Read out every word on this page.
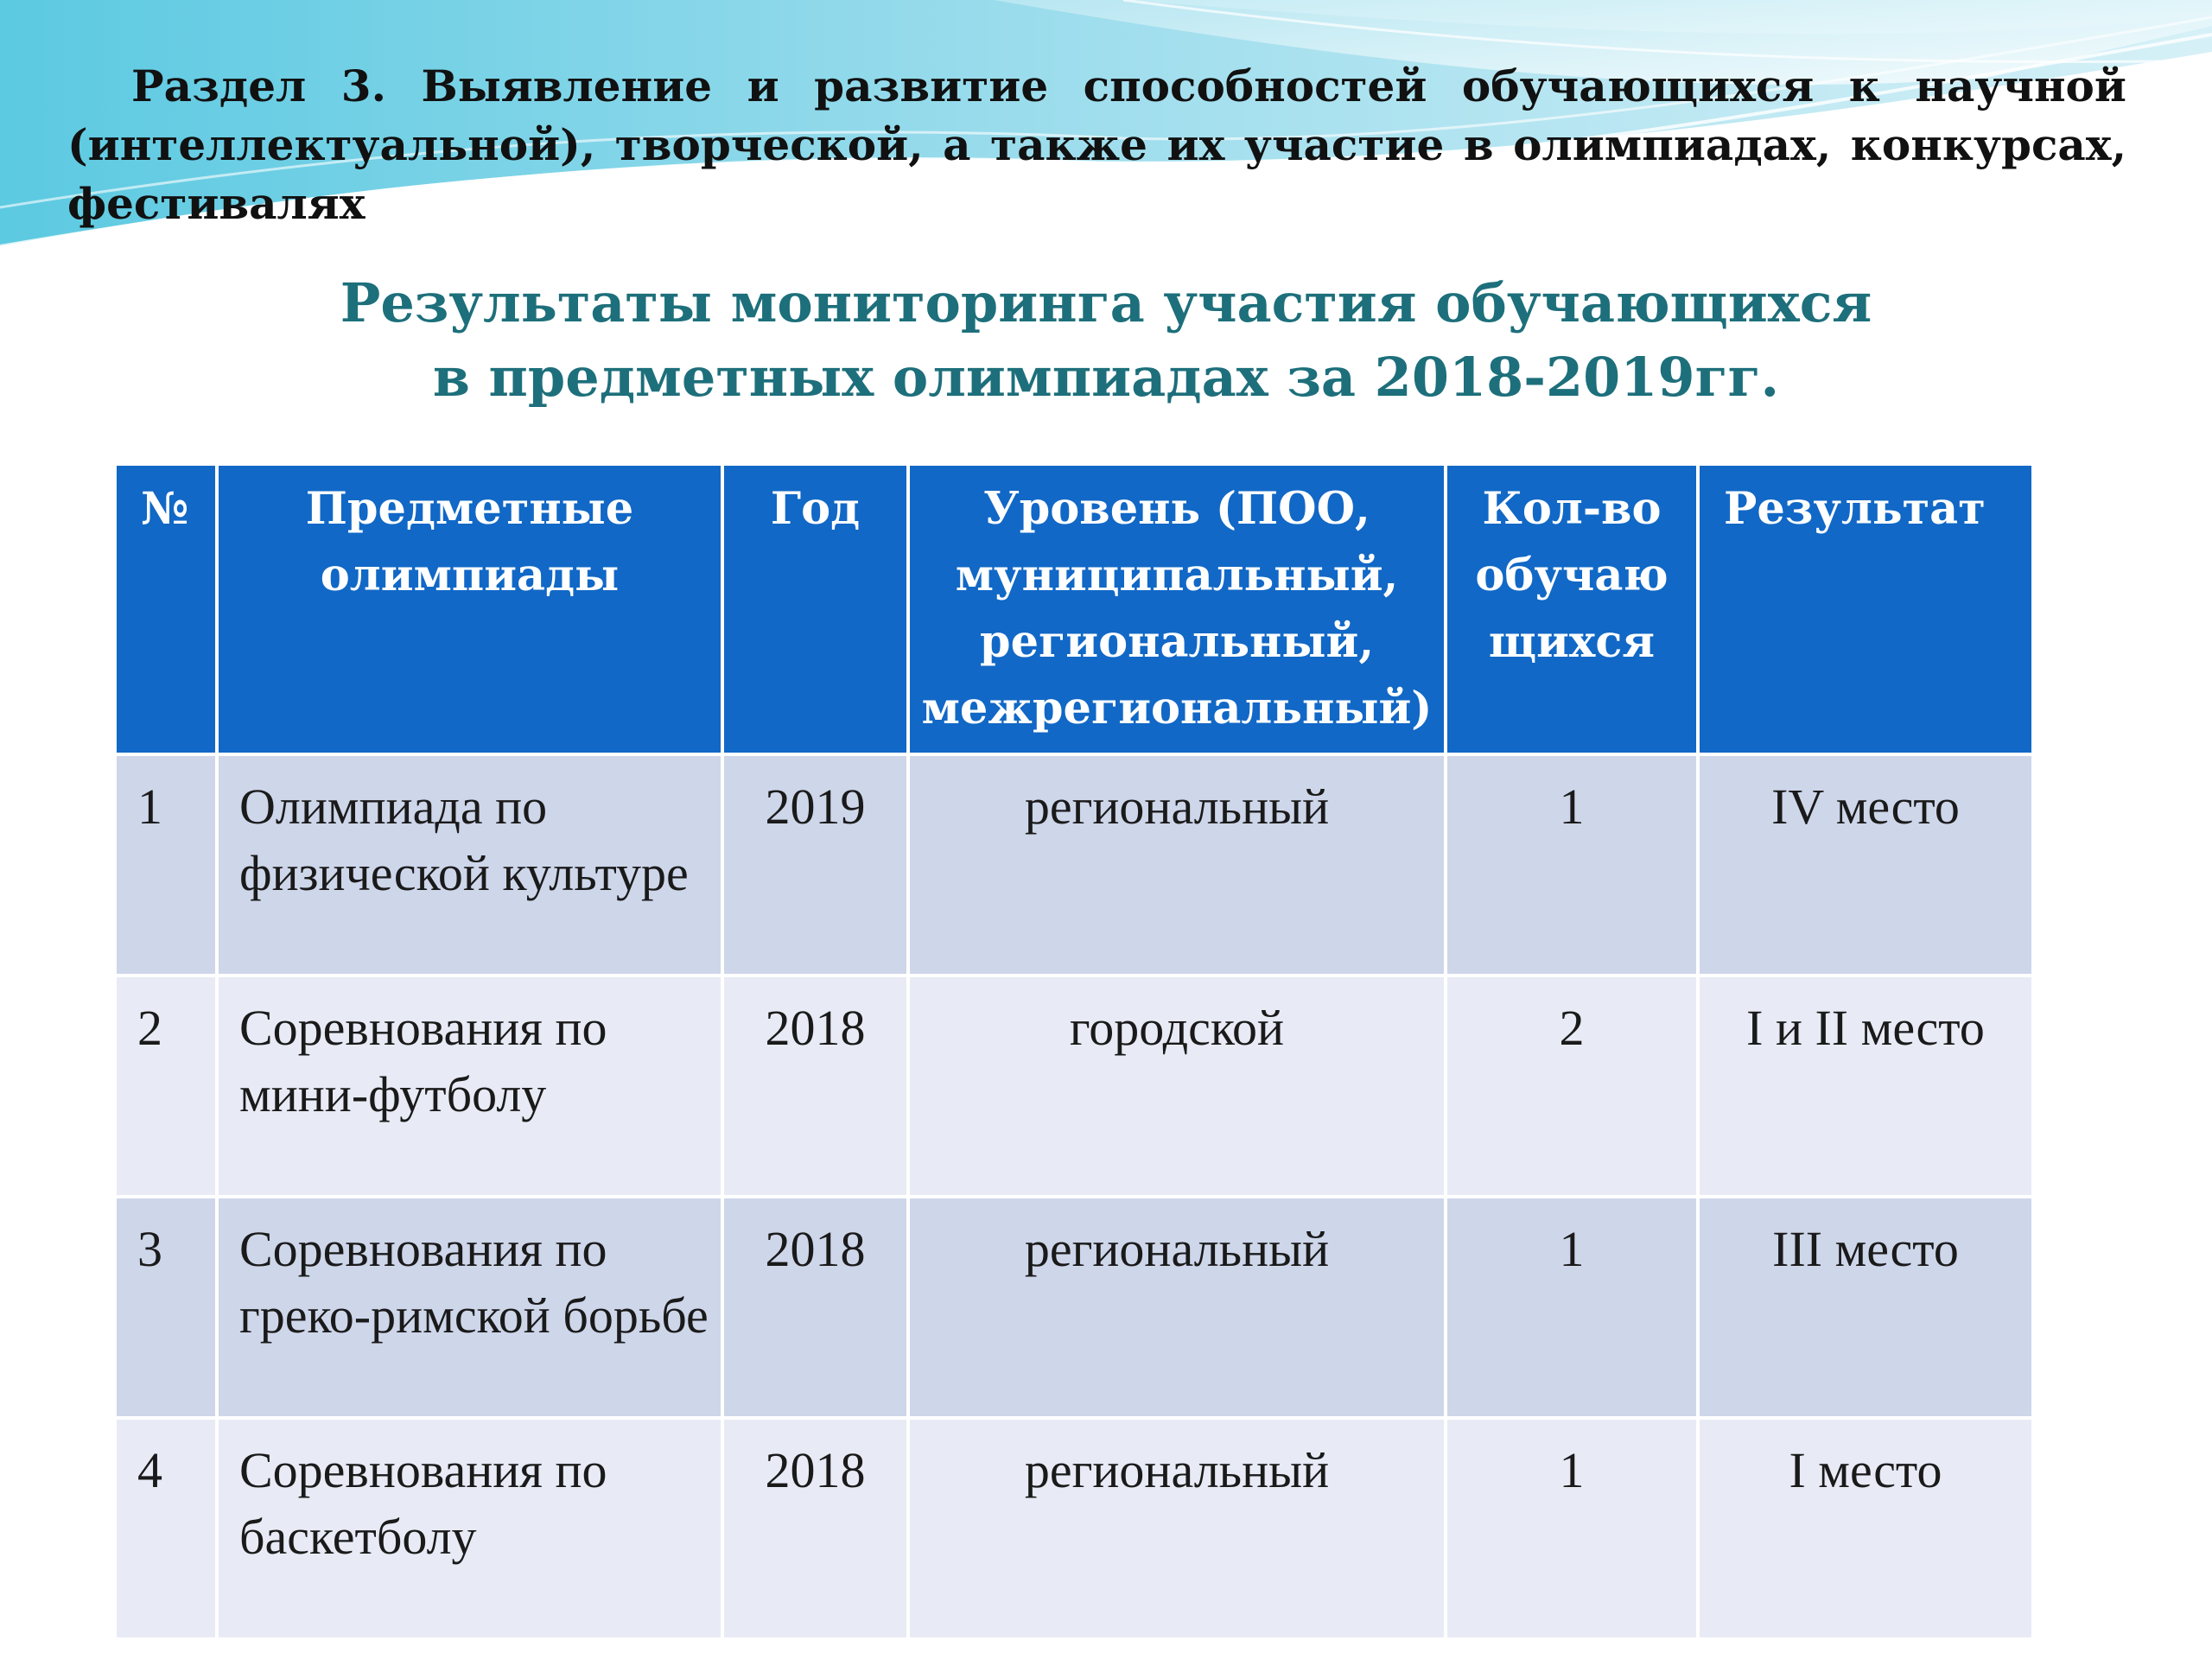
Раздел 3. Выявление и развитие способностей обучающихся к научной (интеллектуальной), творческой, а также их участие в олимпиадах, конкурсах, фестивалях
Результаты мониторинга участия обучающихся
в предметных олимпиадах за 2018-2019гг.
№	Предметные олимпиады	Год	Уровень (ПОО, муниципальный, региональный, межрегиональный)	Кол-во обучаю щихся	Результат
1	Олимпиада по физической культуре	2019	региональный	1	IV место
2	Соревнования по мини-футболу	2018	городской	2	I и II место
3	Соревнования по греко-римской борьбе	2018	региональный	1	III место
4	Соревнования по баскетболу	2018	региональный	1	I место
